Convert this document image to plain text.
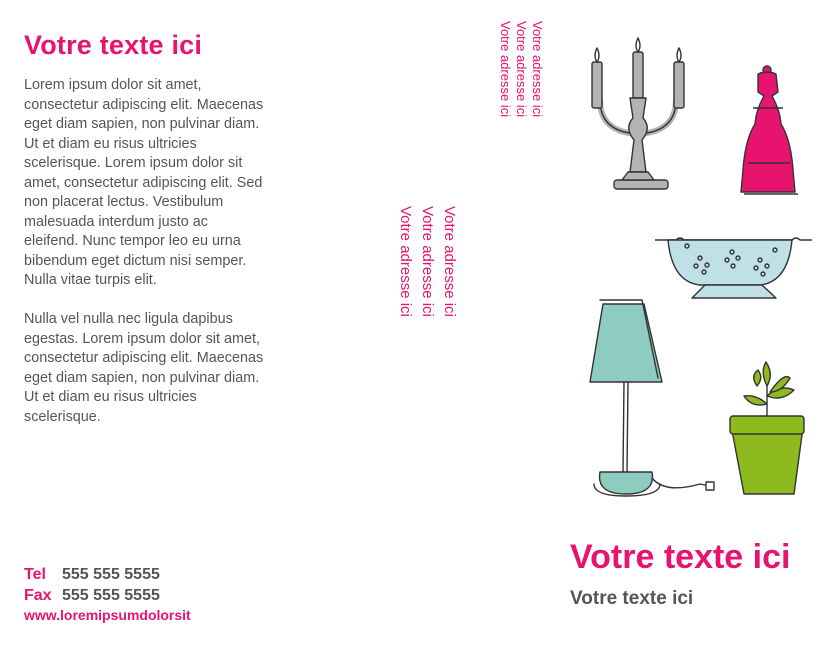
Votre texte ici

Lorem ipsum dolor sit amet, consectetur adipiscing elit. Maecenas eget diam sapien, non pulvinar diam. Ut et diam eu risus ultricies scelerisque. Lorem ipsum dolor sit amet, consectetur adipiscing elit. Sed non placerat lectus. Vestibulum malesuada interdum justo ac eleifend. Nunc tempor leo eu urna bibendum eget dictum nisi semper. Nulla vitae turpis elit.

Nulla vel nulla nec ligula dapibus egestas. Lorem ipsum dolor sit amet, consectetur adipiscing elit. Maecenas eget diam sapien, non pulvinar diam. Ut et diam eu risus ultricies scelerisque.

Tel 555 555 5555
Fax 555 555 5555
www.loremipsumdolorsit
Votre adresse ici
Votre adresse ici
Votre adresse ici
Votre adresse ici
Votre adresse ici
Votre adresse ici
Votre texte ici
Votre texte ici
